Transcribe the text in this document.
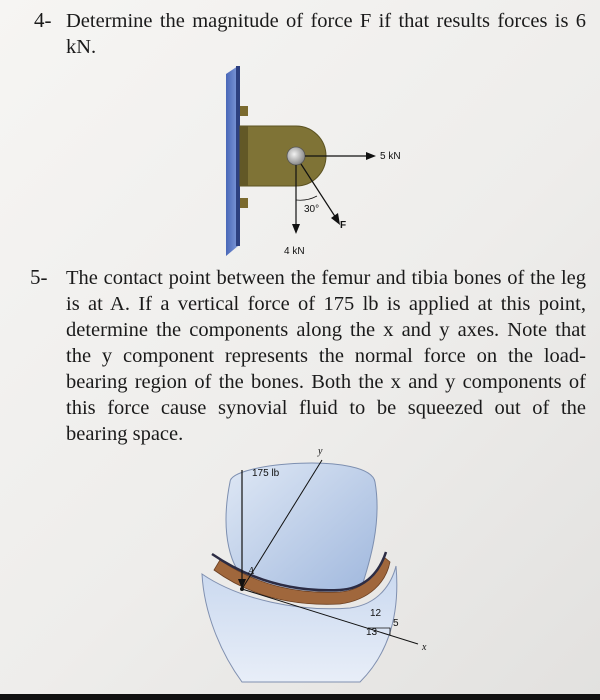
4- Determine the magnitude of force F if that results forces is 6 kN.
5 kN
4 kN
F
30°
5- The contact point between the femur and tibia bones of the leg is at A. If a vertical force of 175 lb is applied at this point, determine the components along the x and y axes. Note that the y component represents the normal force on the load-bearing region of the bones. Both the x and y components of this force cause synovial fluid to be squeezed out of the bearing space.
175 lb
y
x
A
12
5
13
